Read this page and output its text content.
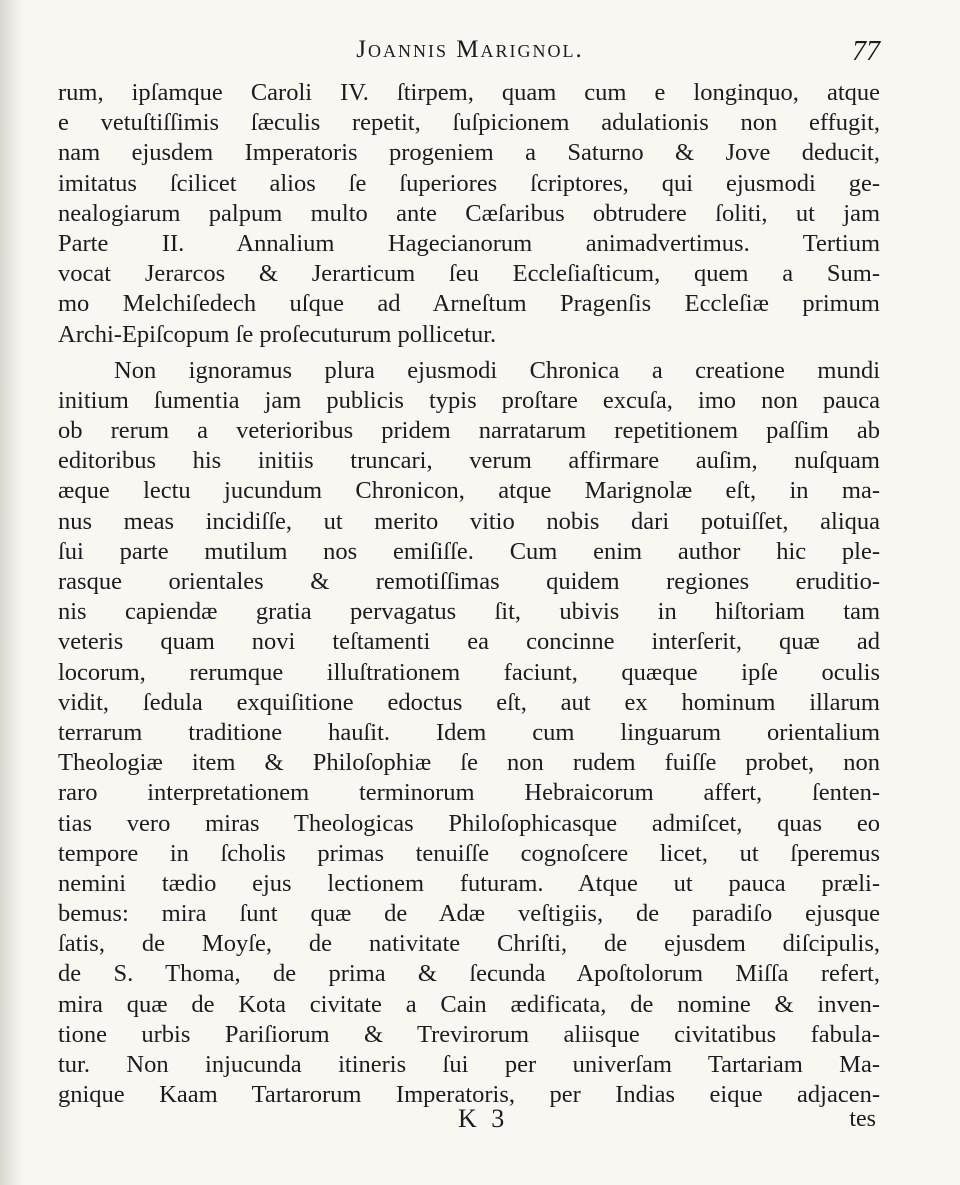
Joannis Marignol.	77
rum, ipſamque Caroli IV. ſtirpem, quam cum e longinquo, atque
e vetuſtiſſimis ſæculis repetit, ſuſpicionem adulationis non effugit,
nam ejusdem Imperatoris progeniem a Saturno & Jove deducit,
imitatus ſcilicet alios ſe ſuperiores ſcriptores, qui ejusmodi ge-
nealogiarum palpum multo ante Cæſaribus obtrudere ſoliti, ut jam
Parte II. Annalium Hagecianorum animadvertimus. Tertium
vocat Jerarcos & Jerarticum ſeu Eccleſiaſticum, quem a Sum-
mo Melchiſedech uſque ad Arneſtum Pragenſis Eccleſiæ primum
Archi-Epiſcopum ſe proſecuturum pollicetur.
Non ignoramus plura ejusmodi Chronica a creatione mundi
initium ſumentia jam publicis typis proſtare excuſa, imo non pauca
ob rerum a veterioribus pridem narratarum repetitionem paſſim ab
editoribus his initiis truncari, verum affirmare auſim, nuſquam
æque lectu jucundum Chronicon, atque Marignolæ eſt, in ma-
nus meas incidiſſe, ut merito vitio nobis dari potuiſſet, aliqua
ſui parte mutilum nos emiſiſſe. Cum enim author hic ple-
rasque orientales & remotiſſimas quidem regiones eruditio-
nis capiendæ gratia pervagatus ſit, ubivis in hiſtoriam tam
veteris quam novi teſtamenti ea concinne interſerit, quæ ad
locorum, rerumque illuſtrationem faciunt, quæque ipſe oculis
vidit, ſedula exquiſitione edoctus eſt, aut ex hominum illarum
terrarum traditione hauſit. Idem cum linguarum orientalium
Theologiæ item & Philoſophiæ ſe non rudem fuiſſe probet, non
raro interpretationem terminorum Hebraicorum affert, ſenten-
tias vero miras Theologicas Philoſophicasque admiſcet, quas eo
tempore in ſcholis primas tenuiſſe cognoſcere licet, ut ſperemus
nemini tædio ejus lectionem futuram. Atque ut pauca præli-
bemus: mira ſunt quæ de Adæ veſtigiis, de paradiſo ejusque
ſatis, de Moyſe, de nativitate Chriſti, de ejusdem diſcipulis,
de S. Thoma, de prima & ſecunda Apoſtolorum Miſſa refert,
mira quæ de Kota civitate a Cain ædificata, de nomine & inven-
tione urbis Pariſiorum & Trevirorum aliisque civitatibus fabula-
tur. Non injucunda itineris ſui per univerſam Tartariam Ma-
gnique Kaam Tartarorum Imperatoris, per Indias eique adjacen-
K 3	tes
